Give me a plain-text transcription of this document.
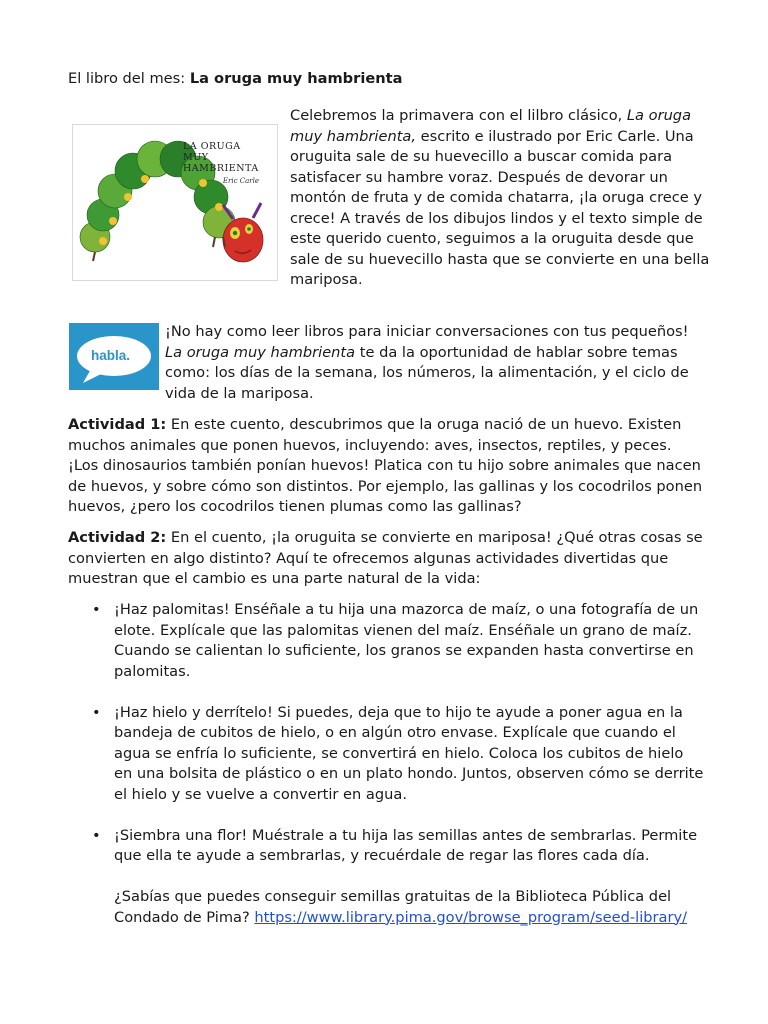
El libro del mes: La oruga muy hambrienta

LA ORUGA MUY
HAMBRIENTA
Eric Carle

Celebremos la primavera con el lilbro clásico, La oruga muy hambrienta, escrito e ilustrado por Eric Carle. Una oruguita sale de su huevecillo a buscar comida para satisfacer su hambre voraz. Después de devorar un montón de fruta y de comida chatarra, ¡la oruga crece y crece! A través de los dibujos lindos y el texto simple de este querido cuento, seguimos a la oruguita desde que sale de su huevecillo hasta que se convierte en una bella mariposa.

habla.

¡No hay como leer libros para iniciar conversaciones con tus pequeños!
La oruga muy hambrienta te da la oportunidad de hablar sobre temas como: los días de la semana, los números, la alimentación, y el ciclo de vida de la mariposa.

Actividad 1: En este cuento, descubrimos que la oruga nació de un huevo. Existen muchos animales que ponen huevos, incluyendo: aves, insectos, reptiles, y peces. ¡Los dinosaurios también ponían huevos! Platica con tu hijo sobre animales que nacen de huevos, y sobre cómo son distintos. Por ejemplo, las gallinas y los cocodrilos ponen huevos, ¿pero los cocodrilos tienen plumas como las gallinas?

Actividad 2: En el cuento, ¡la oruguita se convierte en mariposa! ¿Qué otras cosas se convierten en algo distinto? Aquí te ofrecemos algunas actividades divertidas que muestran que el cambio es una parte natural de la vida:

• ¡Haz palomitas! Enséñale a tu hija una mazorca de maíz, o una fotografía de un elote. Explícale que las palomitas vienen del maíz. Enséñale un grano de maíz. Cuando se calientan lo suficiente, los granos se expanden hasta convertirse en palomitas.
• ¡Haz hielo y derrítelo! Si puedes, deja que to hijo te ayude a poner agua en la bandeja de cubitos de hielo, o en algún otro envase. Explícale que cuando el agua se enfría lo suficiente, se convertirá en hielo. Coloca los cubitos de hielo en una bolsita de plástico o en un plato hondo. Juntos, observen cómo se derrite el hielo y se vuelve a convertir en agua.
• ¡Siembra una flor! Muéstrale a tu hija las semillas antes de sembrarlas. Permite que ella te ayude a sembrarlas, y recuérdale de regar las flores cada día.

¿Sabías que puedes conseguir semillas gratuitas de la Biblioteca Pública del Condado de Pima? https://www.library.pima.gov/browse_program/seed-library/
